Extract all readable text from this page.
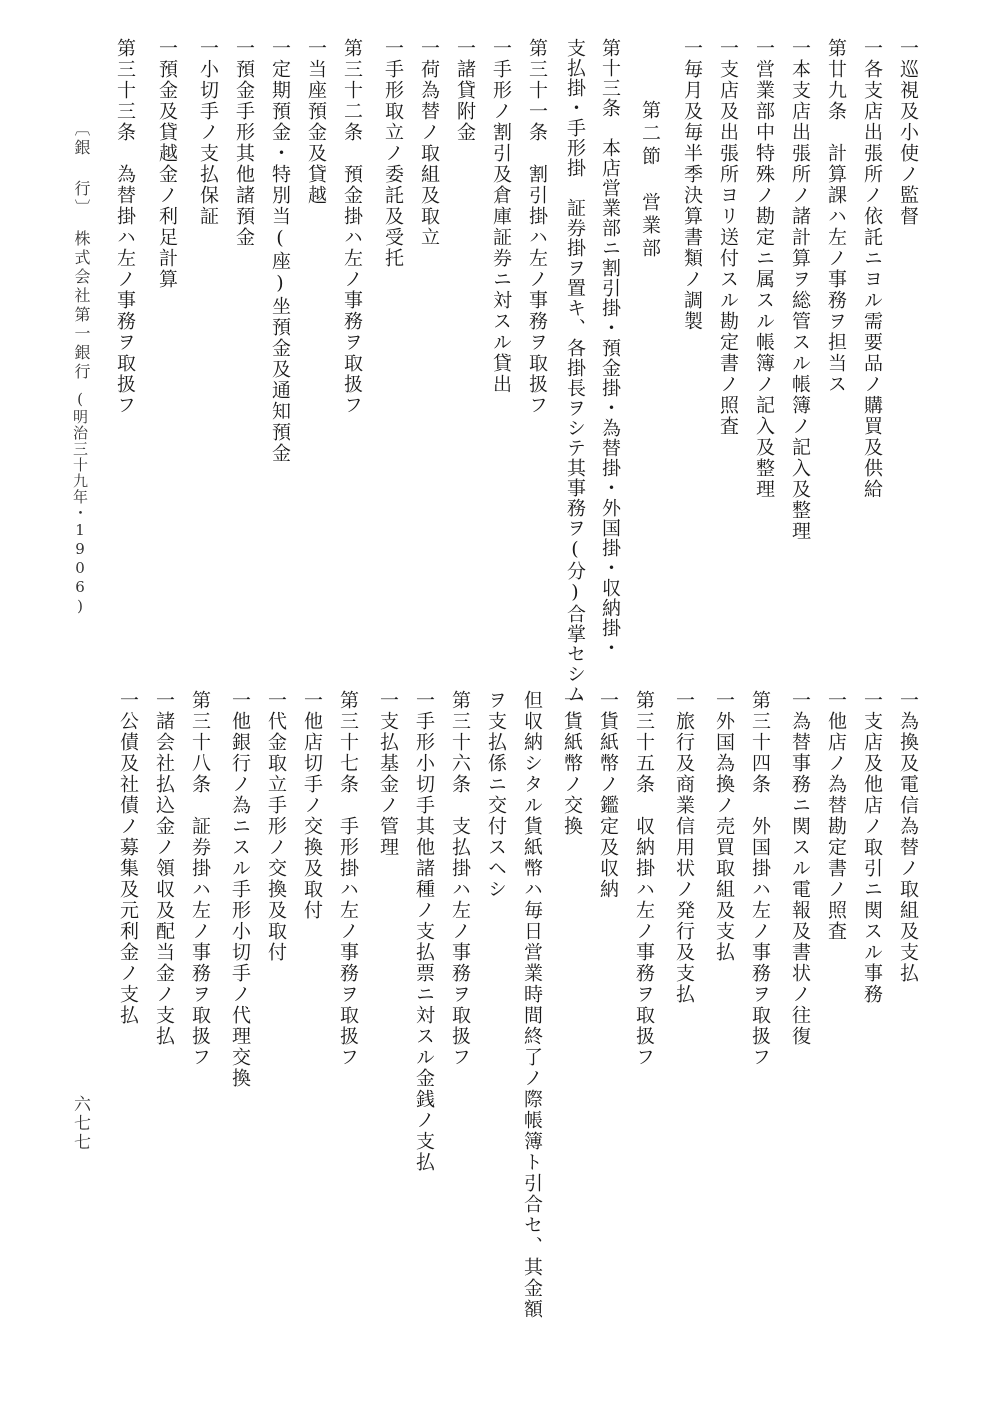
一巡視及小使ノ監督
一各支店出張所ノ依託ニヨル需要品ノ購買及供給
第廿九条　計算課ハ左ノ事務ヲ担当ス
一本支店出張所ノ諸計算ヲ総管スル帳簿ノ記入及整理
一営業部中特殊ノ勘定ニ属スル帳簿ノ記入及整理
一支店及出張所ヨリ送付スル勘定書ノ照査
一毎月及毎半季決算書類ノ調製
第二節　営業部
第十三条　本店営業部ニ割引掛・預金掛・為替掛・外国掛・収納掛・
支払掛・手形掛　証券掛ヲ置キ、各掛長ヲシテ其事務ヲ(分)合掌セシム
第三十一条　割引掛ハ左ノ事務ヲ取扱フ
一手形ノ割引及倉庫証券ニ対スル貸出
一諸貸附金
一荷為替ノ取組及取立
一手形取立ノ委託及受托
第三十二条　預金掛ハ左ノ事務ヲ取扱フ
一当座預金及貸越
一定期預金・特別当(座)坐預金及通知預金
一預金手形其他諸預金
一小切手ノ支払保証
一預金及貸越金ノ利足計算
第三十三条　為替掛ハ左ノ事務ヲ取扱フ
〔銀 行〕
株式会社第一銀行
(明治三十九年・1906)
一為換及電信為替ノ取組及支払
一支店及他店ノ取引ニ関スル事務
一他店ノ為替勘定書ノ照査
一為替事務ニ関スル電報及書状ノ往復
第三十四条　外国掛ハ左ノ事務ヲ取扱フ
一外国為換ノ売買取組及支払
一旅行及商業信用状ノ発行及支払
第三十五条　収納掛ハ左ノ事務ヲ取扱フ
一貨紙幣ノ鑑定及収納
一貨紙幣ノ交換
但収納シタル貨紙幣ハ毎日営業時間終了ノ際帳簿ト引合セ、其金額
ヲ支払係ニ交付スヘシ
第三十六条　支払掛ハ左ノ事務ヲ取扱フ
一手形小切手其他諸種ノ支払票ニ対スル金銭ノ支払
一支払基金ノ管理
第三十七条　手形掛ハ左ノ事務ヲ取扱フ
一他店切手ノ交換及取付
一代金取立手形ノ交換及取付
一他銀行ノ為ニスル手形小切手ノ代理交換
第三十八条　証券掛ハ左ノ事務ヲ取扱フ
一諸会社払込金ノ領収及配当金ノ支払
一公債及社債ノ募集及元利金ノ支払
六七七
